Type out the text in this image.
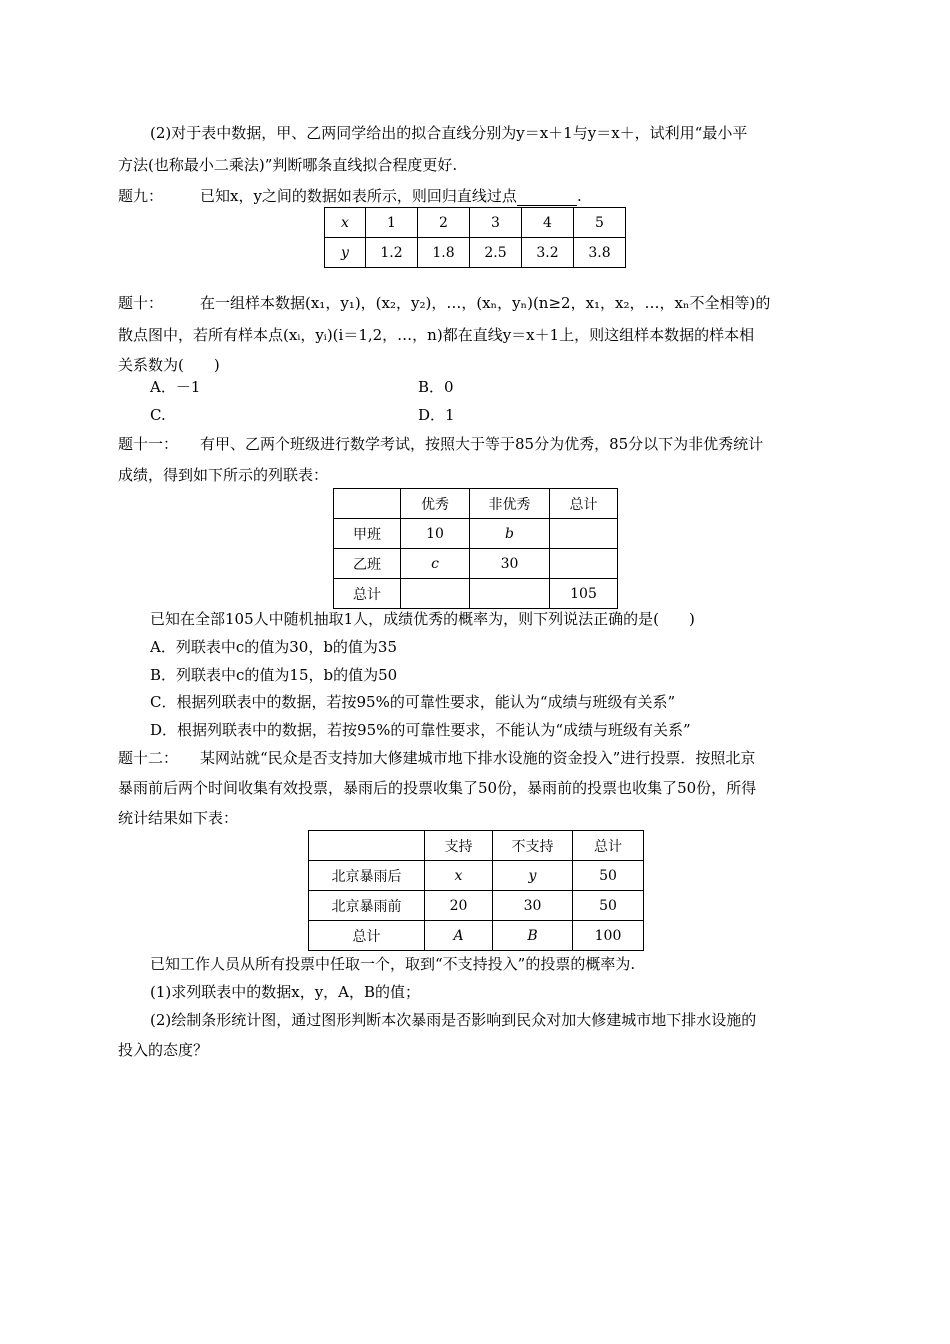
(2)对于表中数据，甲、乙两同学给出的拟合直线分别为y＝x＋1与y＝x＋，试利用“最小平
方法(也称最小二乘法)”判断哪条直线拟合程度更好.
题九： 已知x，y之间的数据如表所示，则回归直线过点	.
x	1	2	3	4	5
y	1.2	1.8	2.5	3.2	3.8
题十： 在一组样本数据(x₁，y₁)，(x₂，y₂)，…，(xₙ，yₙ)(n≥2，x₁，x₂，…，xₙ不全相等)的
散点图中，若所有样本点(xᵢ，yᵢ)(i＝1,2，…，n)都在直线y＝x＋1上，则这组样本数据的样本相
关系数为(　　)
A．－1	B．0
C.	D．1
题十一： 有甲、乙两个班级进行数学考试，按照大于等于85分为优秀，85分以下为非优秀统计
成绩，得到如下所示的列联表：
	优秀	非优秀	总计
甲班	10	b	
乙班	c	30	
总计			105
已知在全部105人中随机抽取1人，成绩优秀的概率为，则下列说法正确的是(　　)
A．列联表中c的值为30，b的值为35
B．列联表中c的值为15，b的值为50
C．根据列联表中的数据，若按95%的可靠性要求，能认为“成绩与班级有关系”
D．根据列联表中的数据，若按95%的可靠性要求，不能认为“成绩与班级有关系”
题十二： 某网站就“民众是否支持加大修建城市地下排水设施的资金投入”进行投票．按照北京
暴雨前后两个时间收集有效投票，暴雨后的投票收集了50份，暴雨前的投票也收集了50份，所得
统计结果如下表：
	支持	不支持	总计
北京暴雨后	x	y	50
北京暴雨前	20	30	50
总计	A	B	100
已知工作人员从所有投票中任取一个，取到“不支持投入”的投票的概率为.
(1)求列联表中的数据x，y，A，B的值；
(2)绘制条形统计图，通过图形判断本次暴雨是否影响到民众对加大修建城市地下排水设施的
投入的态度？
